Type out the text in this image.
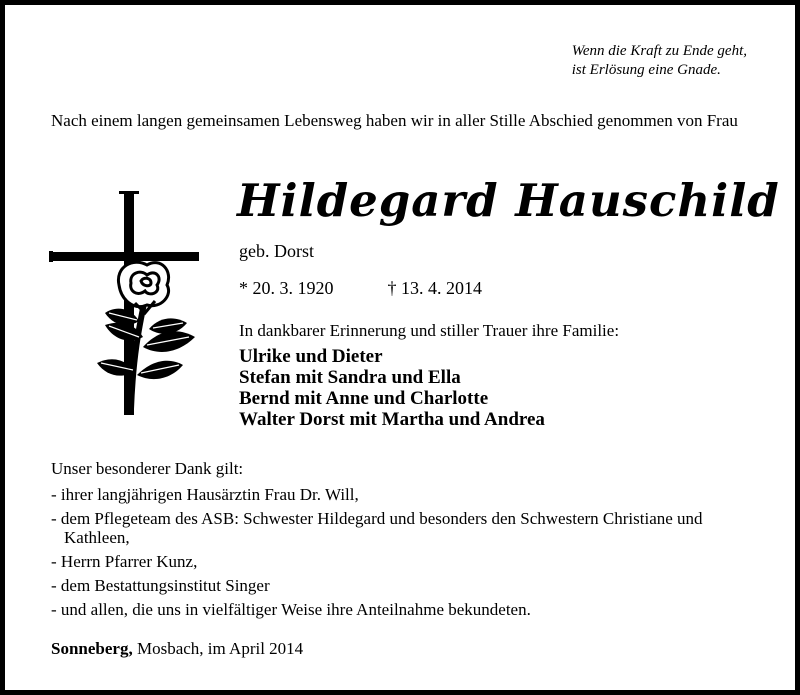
Wenn die Kraft zu Ende geht,
ist Erlösung eine Gnade.
Nach einem langen gemeinsamen Lebensweg haben wir in aller Stille Abschied genommen von Frau
Hildegard Hauschild
geb. Dorst
* 20. 3. 1920	† 13. 4. 2014
In dankbarer Erinnerung und stiller Trauer ihre Familie:
Ulrike und Dieter
Stefan mit Sandra und Ella
Bernd mit Anne und Charlotte
Walter Dorst mit Martha und Andrea
Unser besonderer Dank gilt:
- ihrer langjährigen Hausärztin Frau Dr. Will,
- dem Pflegeteam des ASB: Schwester Hildegard und besonders den Schwestern Christiane und Kathleen,
- Herrn Pfarrer Kunz,
- dem Bestattungsinstitut Singer
- und allen, die uns in vielfältiger Weise ihre Anteilnahme bekundeten.
Sonneberg, Mosbach, im April 2014
